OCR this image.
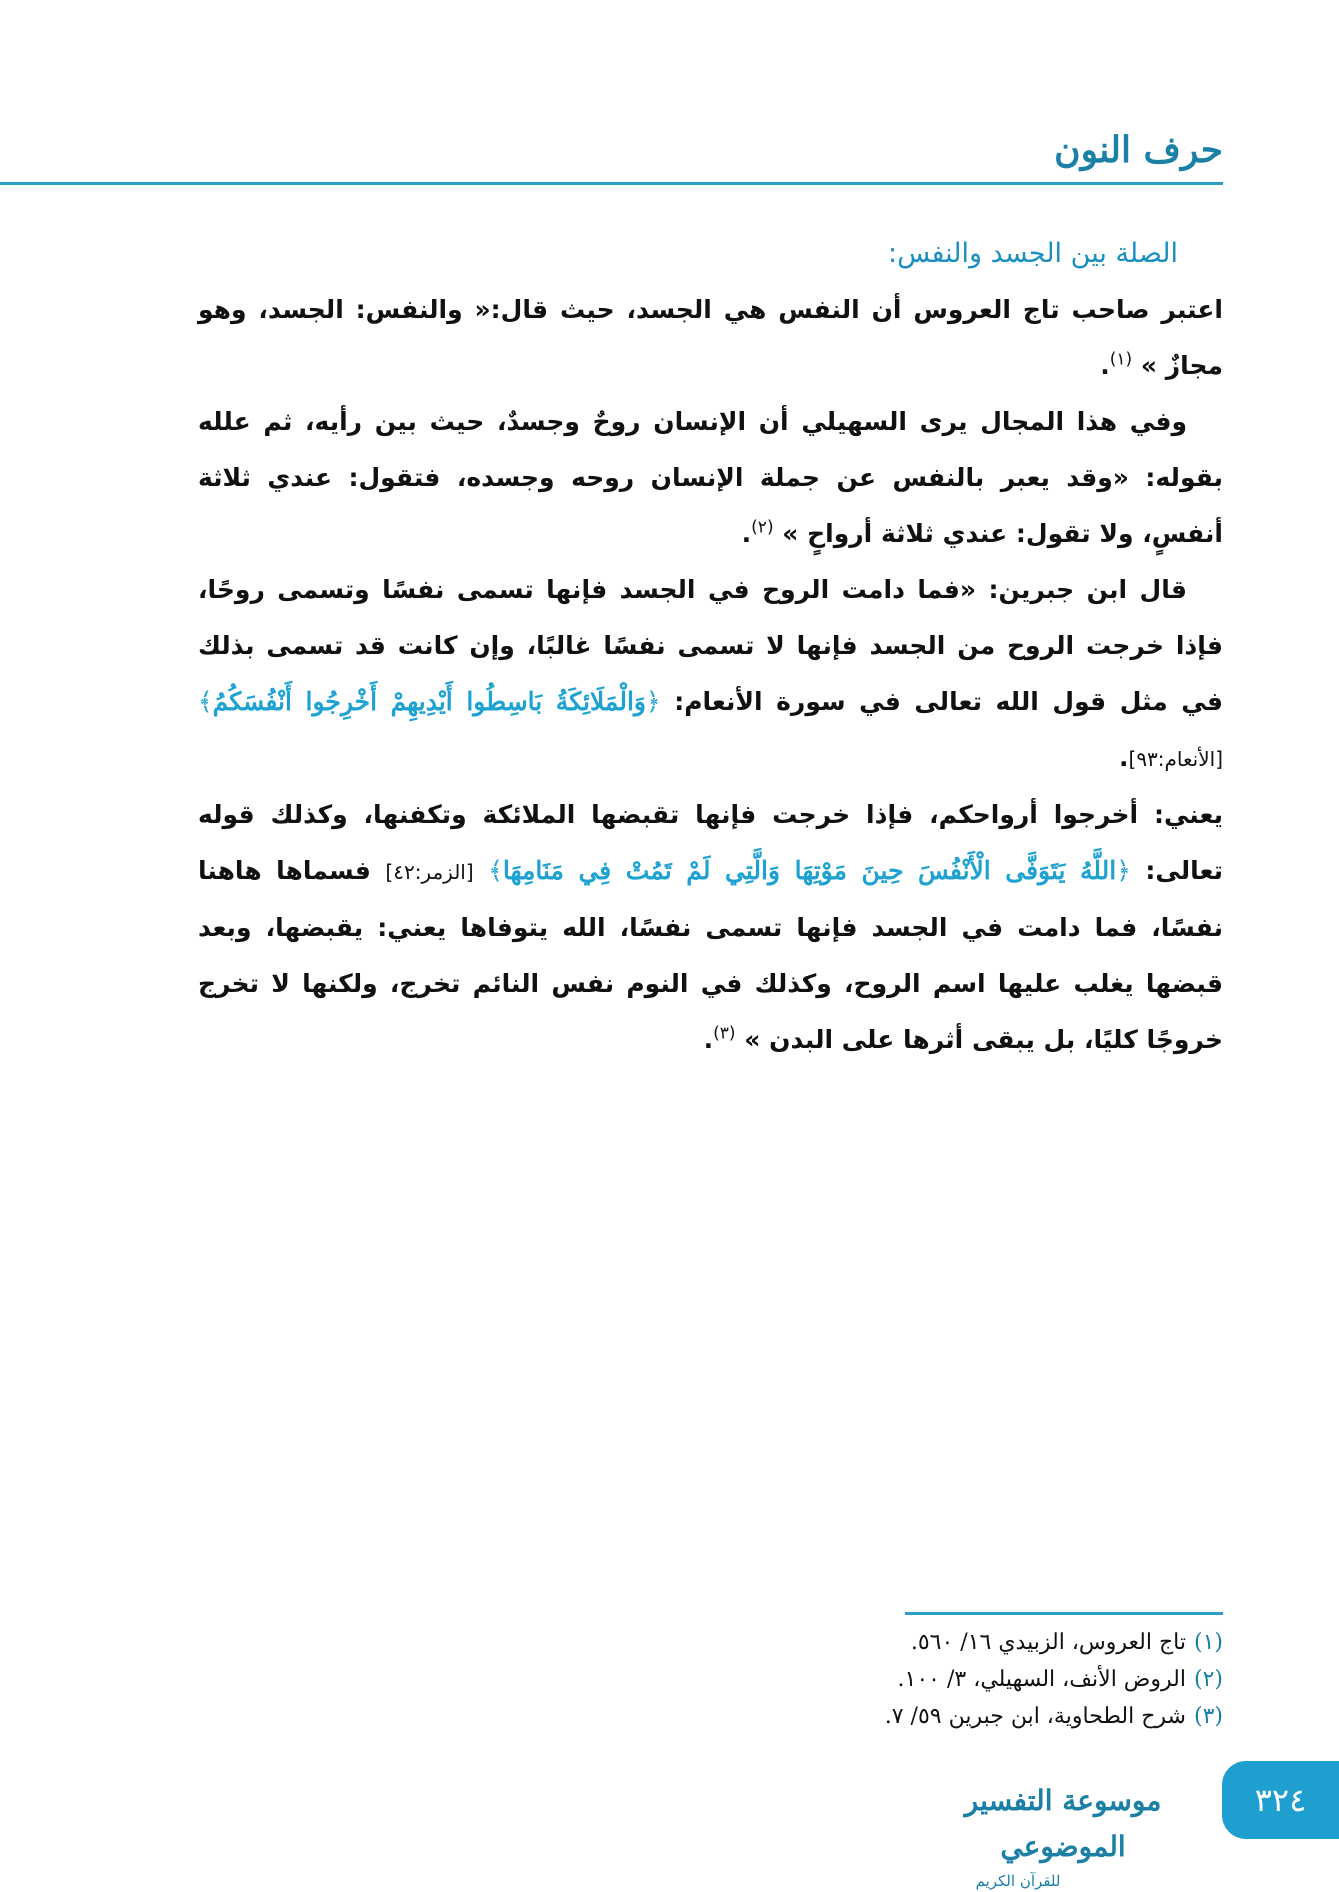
حرف النون
الصلة بين الجسد والنفس:

اعتبر صاحب تاج العروس أن النفس هي الجسد، حيث قال:« والنفس: الجسد، وهو مجازٌ » $^{(١)}$.

وفي هذا المجال يرى السهيلي أن الإنسان روحٌ وجسدٌ، حيث بين رأيه، ثم علله بقوله: «وقد يعبر بالنفس عن جملة الإنسان روحه وجسده، فتقول: عندي ثلاثة أنفسٍ، ولا تقول: عندي ثلاثة أرواحٍ » $^{(٢)}$.

قال ابن جبرين: «فما دامت الروح في الجسد فإنها تسمى نفسًا وتسمى روحًا، فإذا خرجت الروح من الجسد فإنها لا تسمى نفسًا غالبًا، وإن كانت قد تسمى بذلك في مثل قول الله تعالى في سورة الأنعام: ﴿وَالْمَلَائِكَةُ بَاسِطُوا أَيْدِيهِمْ أَخْرِجُوا أَنْفُسَكُمُ﴾ [الأنعام:٩٣].

يعني: أخرجوا أرواحكم، فإذا خرجت فإنها تقبضها الملائكة وتكفنها، وكذلك قوله تعالى: ﴿اللَّهُ يَتَوَفَّى الْأَنْفُسَ حِينَ مَوْتِهَا وَالَّتِي لَمْ تَمُتْ فِي مَنَامِهَا﴾ [الزمر:٤٢] فسماها هاهنا نفسًا، فما دامت في الجسد فإنها تسمى نفسًا، الله يتوفاها يعني: يقبضها، وبعد قبضها يغلب عليها اسم الروح، وكذلك في النوم نفس النائم تخرج، ولكنها لا تخرج خروجًا كليًا، بل يبقى أثرها على البدن » $^{(٣)}$.

(١)تاج العروس، الزبيدي ١٦/ ٥٦٠.
(٢)الروض الأنف، السهيلي، ٣/ ١٠٠.
(٣)شرح الطحاوية، ابن جبرين ٥٩/ ٧.
موسوعة التفسير الموضوعي
للقرآن الكريم
٣٢٤
